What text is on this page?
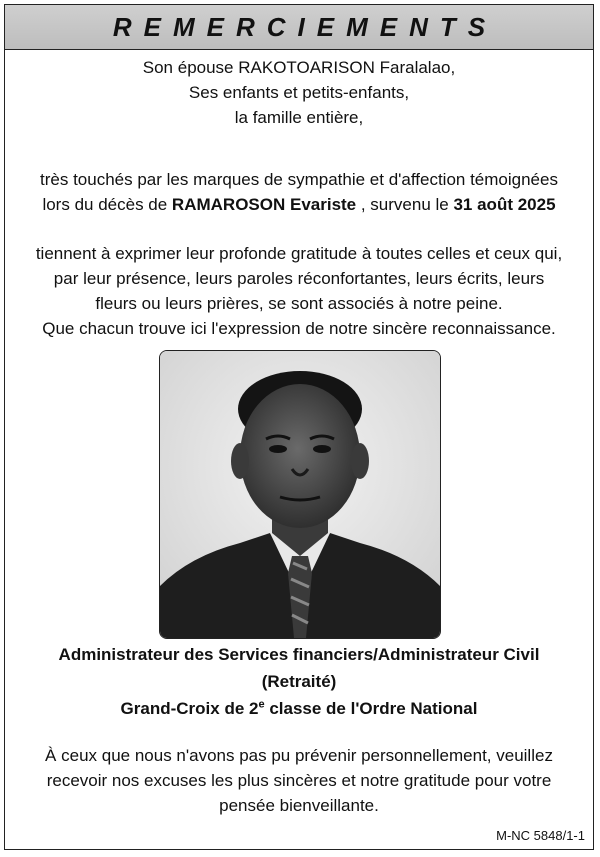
REMERCIEMENTS
Son épouse RAKOTOARISON Faralalao,
Ses enfants et petits-enfants,
la famille entière,
très touchés par les marques de sympathie et d'affection témoignées
lors du décès de RAMAROSON Evariste , survenu le 31 août 2025
tiennent à exprimer leur profonde gratitude à toutes celles et ceux qui,
par leur présence, leurs paroles réconfortantes, leurs écrits, leurs
fleurs ou leurs prières, se sont associés à notre peine.
Que chacun trouve ici l'expression de notre sincère reconnaissance.
Administrateur des Services financiers/Administrateur Civil
(Retraité)
Grand-Croix de 2e classe de l'Ordre National
À ceux que nous n'avons pas pu prévenir personnellement, veuillez
recevoir nos excuses les plus sincères et notre gratitude pour votre
pensée bienveillante.
M-NC 5848/1-1
